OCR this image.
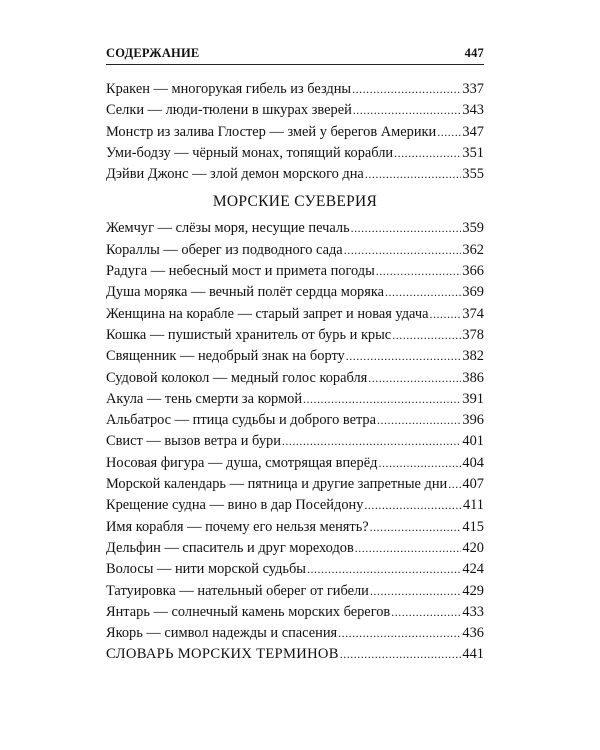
СОДЕРЖАНИЕ	447
Кракен — многорукая гибель из бездны .....	337
Селки — люди-тюлени в шкурах зверей .....	343
Монстр из залива Глостер — змей у берегов Америки ..... 347
Уми-бодзу — чёрный монах, топящий корабли .....	351
Дэйви Джонс — злой демон морского дна .....	355
МОРСКИЕ СУЕВЕРИЯ
Жемчуг — слёзы моря, несущие печаль .....	359
Кораллы — оберег из подводного сада .....	362
Радуга — небесный мост и примета погоды .....	366
Душа моряка — вечный полёт сердца моряка .....	369
Женщина на корабле — старый запрет и новая удача ..... 374
Кошка — пушистый хранитель от бурь и крыс .....	378
Священник — недобрый знак на борту .....	382
Судовой колокол — медный голос корабля .....	386
Акула — тень смерти за кормой .....	391
Альбатрос — птица судьбы и доброго ветра .....	396
Свист — вызов ветра и бури .....	401
Носовая фигура — душа, смотрящая вперёд .....	404
Морской календарь — пятница и другие запретные дни ..... 407
Крещение судна — вино в дар Посейдону .....	411
Имя корабля — почему его нельзя менять? .....	415
Дельфин — спаситель и друг мореходов .....	420
Волосы — нити морской судьбы .....	424
Татуировка — нательный оберег от гибели .....	429
Янтарь — солнечный камень морских берегов .....	433
Якорь — символ надежды и спасения .....	436
СЛОВАРЬ МОРСКИХ ТЕРМИНОВ .....	441
